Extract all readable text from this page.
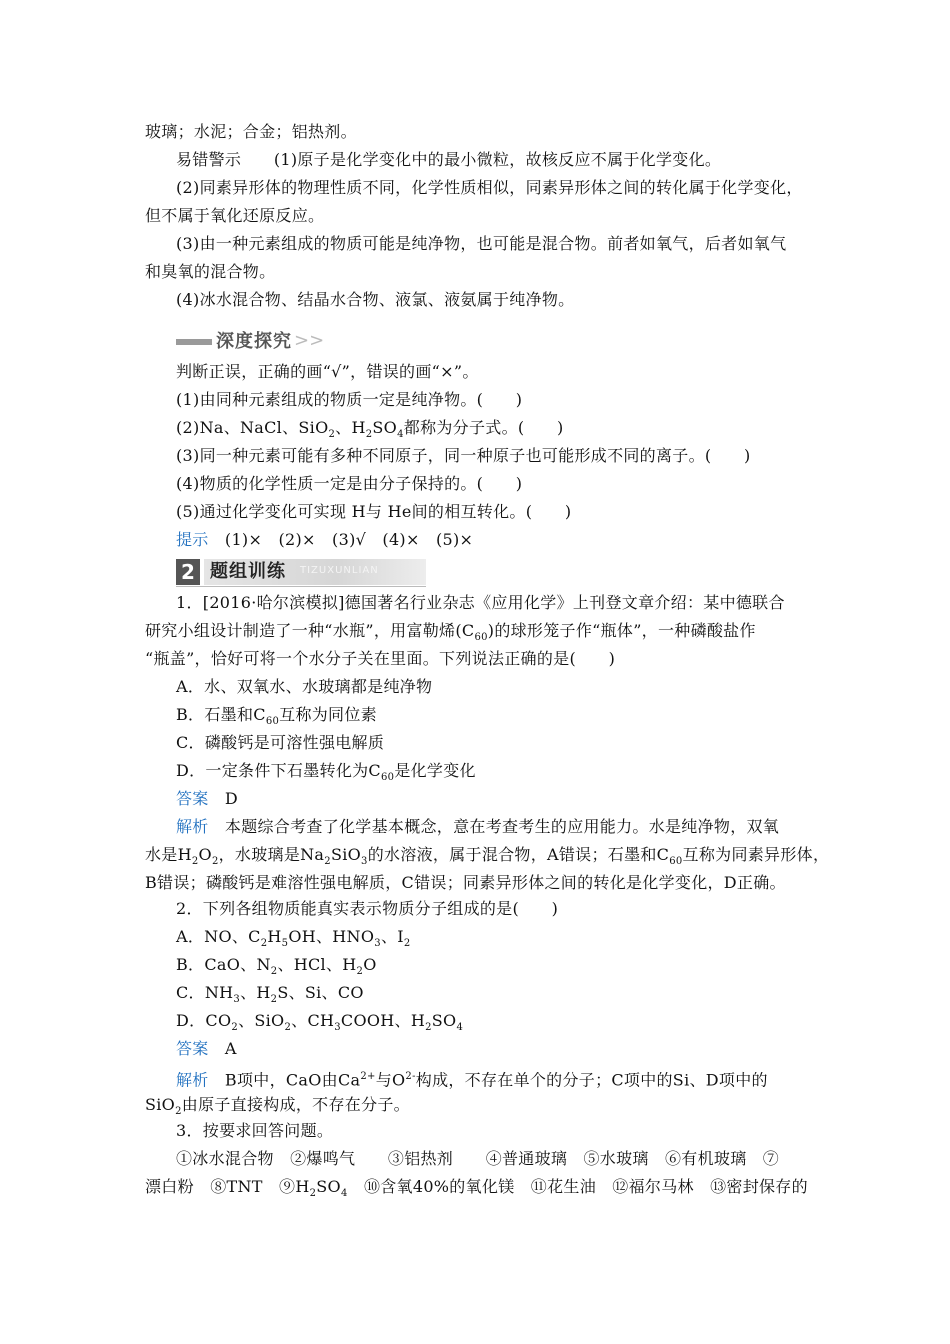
玻璃；水泥；合金；铝热剂。
易错警示　　 (1)原子是化学变化中的最小微粒，故核反应不属于化学变化。
(2)同素异形体的物理性质不同，化学性质相似，同素异形体之间的转化属于化学变化，
但不属于氧化还原反应。
(3)由一种元素组成的物质可能是纯净物，也可能是混合物。前者如氧气，后者如氧气
和臭氧的混合物。
(4)冰水混合物、结晶水合物、液氯、液氨属于纯净物。
深度探究 >>
判断正误，正确的画“√”，错误的画“×”。
(1)由同种元素组成的物质一定是纯净物。(　　)
(2)Na、NaCl、SiO$_2$、$H_2SO_4$都称为分子式。(　　)
(3)同一种元素可能有多种不同原子，同一种原子也可能形成不同的离子。(　　)
(4)物质的化学性质一定是由分子保持的。(　　)
(5)通过化学变化可实现 H与 He间的相互转化。(　　)
提示　(1)×　(2)×　(3)√　(4)×　(5)×
2 题组训练 TIZUXUNLIAN
1．[2016·哈尔滨模拟]德国著名行业杂志《应用化学》上刊登文章介绍：某中德联合
研究小组设计制造了一种“水瓶”，用富勒烯$(C_{60})$的球形笼子作“瓶体”，一种磷酸盐作
“瓶盖”，恰好可将一个水分子关在里面。下列说法正确的是(　　)
A．水、双氧水、水玻璃都是纯净物
B．石墨和$C_{60}$互称为同位素
C．磷酸钙是可溶性强电解质
D．一定条件下石墨转化为$C_{60}$是化学变化
答案　D
解析　本题综合考查了化学基本概念，意在考查考生的应用能力。水是纯净物，双氧
水是$H_2O_2$，水玻璃是$Na_2SiO_3$的水溶液，属于混合物，A错误；石墨和$C_{60}$互称为同素异形体，
B错误；磷酸钙是难溶性强电解质，C错误；同素异形体之间的转化是化学变化，D正确。
2．下列各组物质能真实表示物质分子组成的是(　　)
A．NO、$C_2H_5OH$、$HNO_3$、$I_2$
B．CaO、$N_2$、HCl、$H_2O$
C．$NH_3$、$H_2S$、Si、CO
D．$CO_2$、SiO$_2$、$CH_3COOH$、$H_2SO_4$
答案　A
解析　B项中，CaO由$Ca^{2+}$与$O^{2-}$构成，不存在单个的分子；C项中的Si、D项中的
SiO$_2$由原子直接构成，不存在分子。
3．按要求回答问题。
①冰水混合物　②爆鸣气　　③铝热剂　　④普通玻璃　⑤水玻璃　⑥有机玻璃　⑦
漂白粉　⑧TNT　$⑨H_2SO_4$　⑩含氧40%的氧化镁　⑪花生油　⑫福尔马林　⑬密封保存的
